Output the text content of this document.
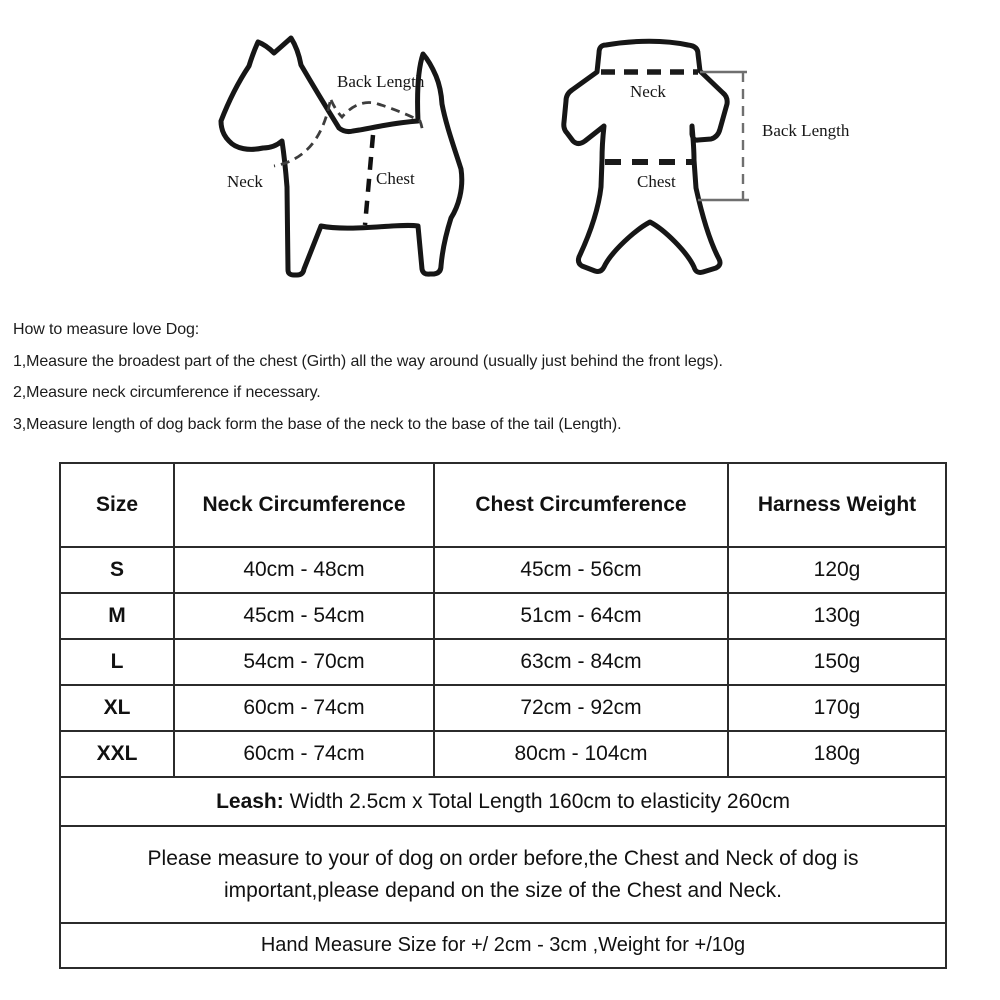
Back Length
Neck	Chest
Neck
Chest
Back Length
How to measure love Dog:
1,Measure the broadest part of the chest (Girth) all the way around (usually just behind the front legs).
2,Measure neck circumference if necessary.
3,Measure length of dog back form the base of the neck to the base of the tail (Length).
Size	Neck Circumference	Chest Circumference	Harness Weight
S	40cm - 48cm	45cm - 56cm	120g
M	45cm - 54cm	51cm - 64cm	130g
L	54cm - 70cm	63cm - 84cm	150g
XL	60cm - 74cm	72cm - 92cm	170g
XXL	60cm - 74cm	80cm - 104cm	180g
Leash: Width 2.5cm x Total Length 160cm to elasticity 260cm			

Please measure to your of dog on order before,the Chest and Neck of dog is
important,please depand on the size of the Chest and Neck.			

Hand Measure Size for +/ 2cm - 3cm ,Weight for +/10g			
